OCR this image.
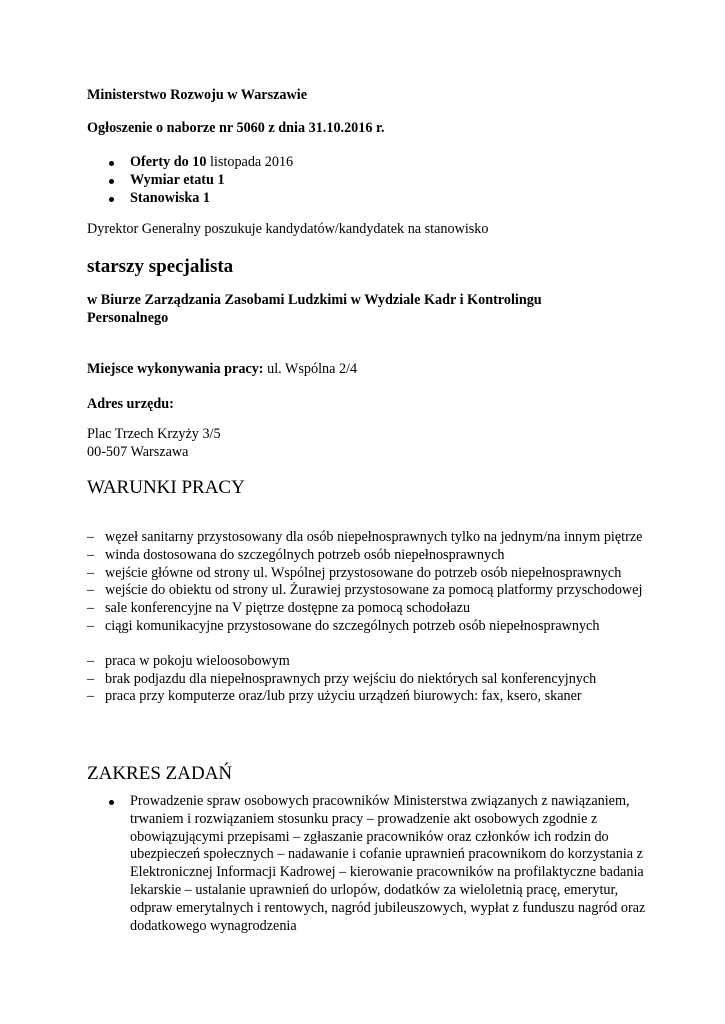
Ministerstwo Rozwoju w Warszawie

Ogłoszenie o naborze nr 5060 z dnia 31.10.2016 r.

Oferty do 10 listopada 2016
Wymiar etatu 1
Stanowiska 1

Dyrektor Generalny poszukuje kandydatów/kandydatek na stanowisko

starszy specjalista

w Biurze Zarządzania Zasobami Ludzkimi w Wydziale Kadr i Kontrolingu Personalnego

Miejsce wykonywania pracy: ul. Wspólna 2/4

Adres urzędu:

Plac Trzech Krzyży 3/5
00-507 Warszawa
WARUNKI PRACY
– węzeł sanitarny przystosowany dla osób niepełnosprawnych tylko na jednym/na innym piętrze
– winda dostosowana do szczególnych potrzeb osób niepełnosprawnych
– wejście główne od strony ul. Wspólnej przystosowane do potrzeb osób niepełnosprawnych
– wejście do obiektu od strony ul. Żurawiej przystosowane za pomocą platformy przyschodowej
– sale konferencyjne na V piętrze dostępne za pomocą schodołazu
– ciągi komunikacyjne przystosowane do szczególnych potrzeb osób niepełnosprawnych
– praca w pokoju wieloosobowym
– brak podjazdu dla niepełnosprawnych przy wejściu do niektórych sal konferencyjnych
– praca przy komputerze oraz/lub przy użyciu urządzeń biurowych: fax, ksero, skaner
ZAKRES ZADAŃ
Prowadzenie spraw osobowych pracowników Ministerstwa związanych z nawiązaniem, trwaniem i rozwiązaniem stosunku pracy – prowadzenie akt osobowych zgodnie z obowiązującymi przepisami – zgłaszanie pracowników oraz członków ich rodzin do ubezpieczeń społecznych – nadawanie i cofanie uprawnień pracownikom do korzystania z Elektronicznej Informacji Kadrowej – kierowanie pracowników na profilaktyczne badania lekarskie – ustalanie uprawnień do urlopów, dodatków za wieloletnią pracę, emerytur, odpraw emerytalnych i rentowych, nagród jubileuszowych, wypłat z funduszu nagród oraz dodatkowego wynagrodzenia
